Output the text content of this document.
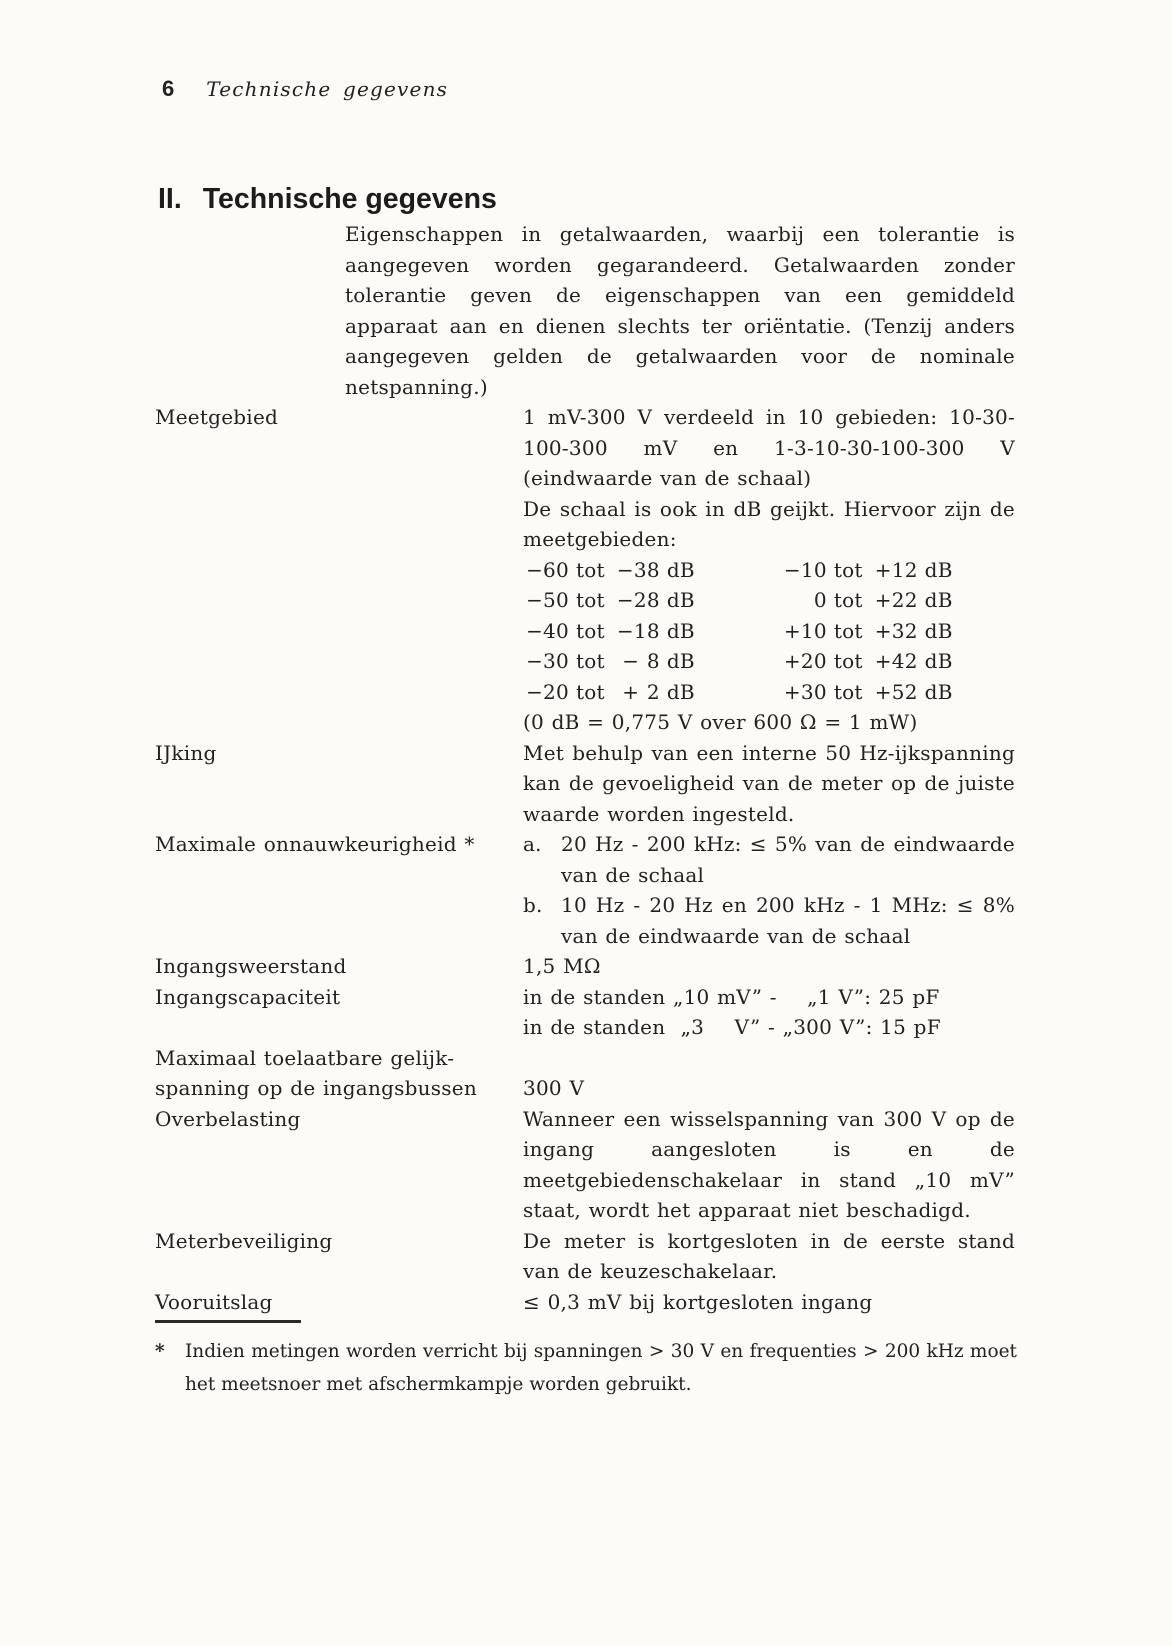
6 Technische gegevens
II. Technische gegevens

Eigenschappen in getalwaarden, waarbij een tolerantie is aangegeven worden gegarandeerd. Getalwaarden zonder tolerantie geven de eigenschappen van een gemiddeld apparaat aan en dienen slechts ter oriëntatie. (Tenzij anders aangegeven gelden de getalwaarden voor de nominale netspanning.)

Meetgebied	1 mV-300 V verdeeld in 10 gebieden: 10-30-100-300 mV en 1-3-10-30-100-300 V (eindwaarde van de schaal)

De schaal is ook in dB geijkt. Hiervoor zijn de meetgebieden:

−60 tot −38 dB	−10 tot +12 dB
−50 tot −28 dB	0 tot +22 dB
−40 tot −18 dB	+10 tot +32 dB
−30 tot − 8 dB	+20 tot +42 dB
−20 tot + 2 dB	+30 tot +52 dB

(0 dB = 0,775 V over 600 Ω = 1 mW)

IJking	Met behulp van een interne 50 Hz-ijkspanning kan de gevoeligheid van de meter op de juiste waarde worden ingesteld.
Maximale onnauwkeurigheid *	a. 20 Hz - 200 kHz: ≤ 5% van de eindwaarde van de schaal
b. 10 Hz - 20 Hz en 200 kHz - 1 MHz: ≤ 8% van de eindwaarde van de schaal
Ingangsweerstand	1,5 MΩ
Ingangscapaciteit	in de standen „10 mV” -    „1 V”: 25 pF

in de standen  „3    V” - „300 V”: 15 pF

Maximaal toelaatbare gelijk-

spanning op de ingangsbussen	300 V
Overbelasting	Wanneer een wisselspanning van 300 V op de ingang aangesloten is en de meetgebiedenschakelaar in stand „10 mV” staat, wordt het apparaat niet beschadigd.
Meterbeveiliging	De meter is kortgesloten in de eerste stand van de keuzeschakelaar.
Vooruitslag	≤ 0,3 mV bij kortgesloten ingang
*	Indien metingen worden verricht bij spanningen > 30 V en frequenties > 200 kHz moet het meetsnoer met afschermkampje worden gebruikt.
